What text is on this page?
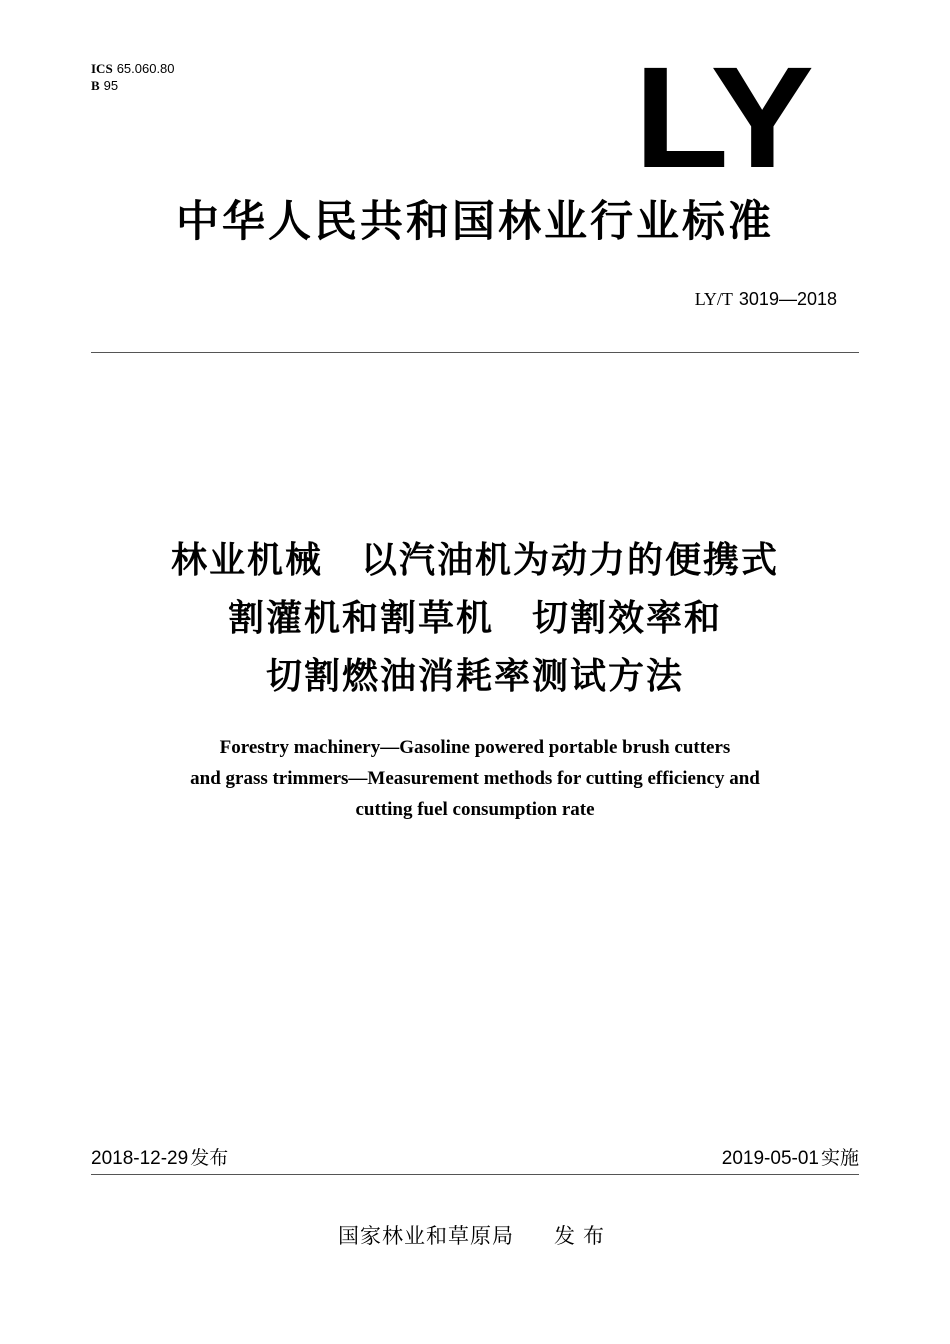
ICS 65.060.80
B 95	LY
中华人民共和国林业行业标准
LY/T 3019—2018
林业机械　以汽油机为动力的便携式
割灌机和割草机　切割效率和
切割燃油消耗率测试方法
Forestry machinery—Gasoline powered portable brush cutters
and grass trimmers—Measurement methods for cutting efficiency and
cutting fuel consumption rate
2018-12-29 发布	2019-05-01 实施
国家林业和草原局 发布
